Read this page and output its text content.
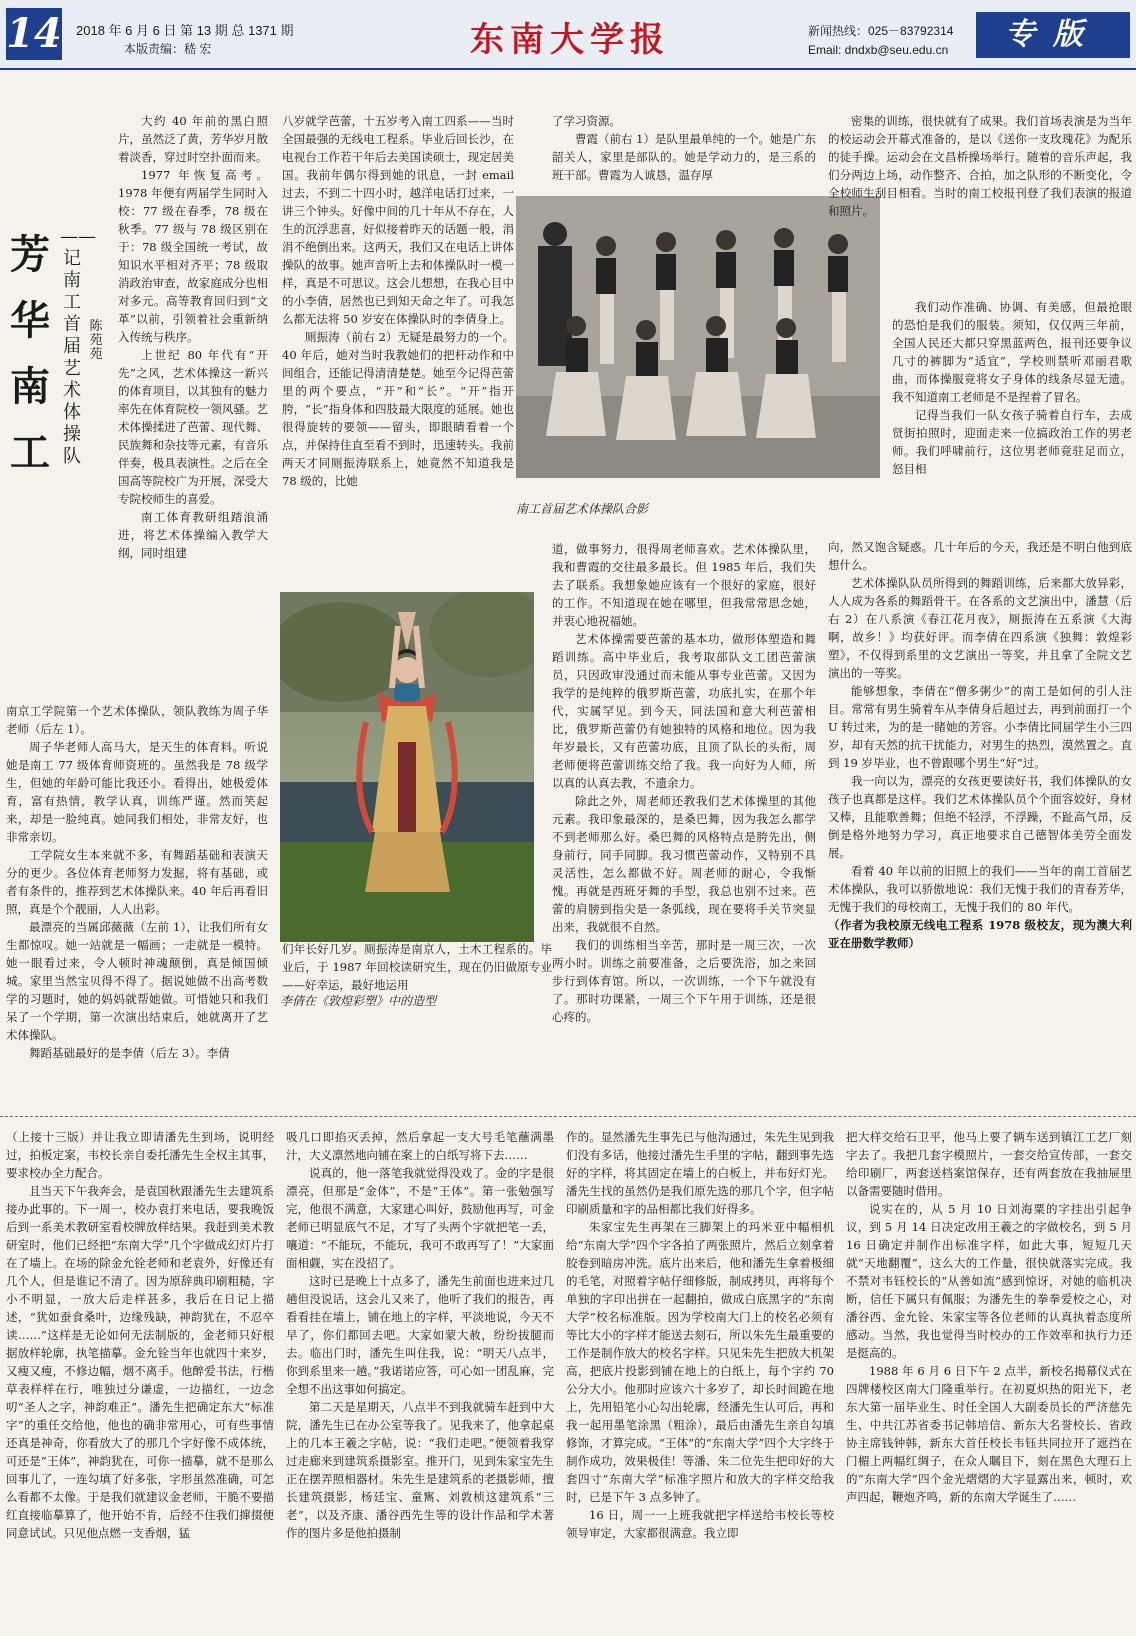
14 2018 年 6 月 6 日 第 13 期 总 1371 期
本版责编：嵇 宏	东南大学报	新闻热线：025－83792314
Email: dndxb@seu.edu.cn	专版
芳
华
南
工
——记南工首届艺术体操队
陈苑苑

大约 40 年前的黑白照片，虽然泛了黄，芳华岁月散着淡香，穿过时空扑面而来。

1977 年恢复高考。1978 年便有两届学生同时入校：77 级在春季，78 级在秋季。77 级与 78 级区别在于：78 级全国统一考试，故知识水平相对齐平；78 级取消政治审查，故家庭成分也相对多元。高等教育回归到“文革”以前，引领着社会重新纳入传统与秩序。

上世纪 80 年代有“开先”之风，艺术体操这一新兴的体育项目，以其独有的魅力率先在体育院校一领风骚。艺术体操揉进了芭蕾、现代舞、民族舞和杂技等元素，有音乐伴奏，极具表演性。之后在全国高等院校广为开展，深受大专院校师生的喜爱。

南工体育教研组踏浪涌进，将艺术体操编入教学大纲，同时组建

南京工学院第一个艺术体操队，领队教练为周子华老师（后左 1）。

周子华老师人高马大，是天生的体育料。听说她是南工 77 级体育师资班的。虽然我是 78 级学生，但她的年龄可能比我还小。看得出，她极爱体育，富有热情，教学认真，训练严谨。然而笑起来，却是一脸纯真。她同我们相处，非常友好，也非常亲切。

工学院女生本来就不多，有舞蹈基础和表演天分的更少。各位体育老师努力发掘，将有基础，或者有条件的，推荐到艺术体操队来。40 年后再看旧照，真是个个靓丽，人人出彩。

最漂亮的当属邱薇薇（左前 1），让我们所有女生都惊叹。她一站就是一幅画；一走就是一模特。她一眼看过来，令人顿时神魂颠倒，真是倾国倾城。家里当然宝贝得不得了。据说她做不出高考数学的习题时，她的妈妈就帮她做。可惜她只和我们呆了一个学期，第一次演出结束后，她就离开了艺术体操队。

舞蹈基础最好的是李倩（后左 3）。李倩

八岁就学芭蕾，十五岁考入南工四系——当时全国最强的无线电工程系。毕业后回长沙，在电视台工作若干年后去美国读硕士，现定居美国。我前年偶尔得到她的讯息，一封 email 过去，不到二十四小时，越洋电话打过来，一讲三个钟头。好像中间的几十年从不存在，人生的沉浮悲喜，好似接着昨天的话题一般，涓涓不绝倒出来。这两天，我们又在电话上讲体操队的故事。她声音听上去和体操队时一模一样，真是不可思议。这会儿想想，在我心目中的小李倩，居然也已到知天命之年了。可我怎么都无法将 50 岁安在体操队时的李倩身上。

厕振涛（前右 2）无疑是最努力的一个。40 年后，她对当时我教她们的把杆动作和中间组合，还能记得清清楚楚。她至今记得芭蕾里的两个要点，“开”和“长”。“开”指开胯，“长”指身体和四肢最大限度的延展。她也很得旋转的要领——留头，即眼睛看着一个点，并保持住直至看不到时，迅速转头。我前两天才同厕振涛联系上，她竟然不知道我是 78 级的，比她

李倩在《敦煌彩塑》中的造型

们年长好几岁。厕振涛是南京人，土木工程系的。毕业后，于 1987 年回校读研究生，现在仍旧做原专业——好幸运，最好地运用

了学习资源。

曹霞（前右 1）是队里最单纯的一个。她是广东韶关人，家里是部队的。她是学动力的，是三系的班干部。曹霞为人诚恳，温存厚

南工首届艺术体操队合影

道，做事努力，很得周老师喜欢。艺术体操队里，我和曹霞的交往最多最长。但 1985 年后，我们失去了联系。我想象她应该有一个很好的家庭，很好的工作。不知道现在她在哪里，但我常常思念她，并衷心地祝福她。

艺术体操需要芭蕾的基本功，做形体塑造和舞蹈训练。高中毕业后，我考取部队文工团芭蕾演员，只因政审没通过而未能从事专业芭蕾。又因为我学的是纯粹的俄罗斯芭蕾，功底扎实，在那个年代，实属罕见。到今天，同法国和意大利芭蕾相比，俄罗斯芭蕾仍有她独特的风格和地位。因为我年岁最长，又有芭蕾功底，且顶了队长的头衔，周老师便将芭蕾训练交给了我。我一向好为人师，所以真的认真去教，不遗余力。

除此之外，周老师还教我们艺术体操里的其他元素。我印象最深的，是桑巴舞，因为我怎么都学不到老师那么好。桑巴舞的风格特点是胯先出，侧身前行，同手同脚。我习惯芭蕾动作，又特别不具灵活性，怎么都做不好。周老师的耐心，令我惭愧。再就是西班牙舞的手型，我总也别不过来。芭蕾的肩膀到指尖是一条弧线，现在要将手关节突显出来，我就很不自然。

我们的训练相当辛苦，那时是一周三次，一次两小时。训练之前要准备，之后要洗浴，加之来回步行到体育馆。所以，一次训练，一个下午就没有了。那时功课紧，一周三个下午用于训练，还是很心疼的。

密集的训练，很快就有了成果。我们首场表演是为当年的校运动会开幕式准备的，是以《送你一支玫瑰花》为配乐的徒手操。运动会在文昌桥操场举行。随着的音乐声起，我们分两边上场，动作整齐、合拍，加之队形的不断变化，令全校师生刮目相看。当时的南工校报刊登了我们表演的报道和照片。

我们动作准确、协调、有美感，但最抢眼的恐怕是我们的服装。须知，仅仅两三年前，全国人民还大都只穿黑蓝两色，报刊还要争议几寸的裤脚为“适宜”，学校则禁听邓丽君歌曲，而体操服竟将女子身体的线条尽显无遗。我不知道南工老师是不是捏着了冒名。

记得当我们一队女孩子骑着自行车，去成贤街拍照时，迎面走来一位搞政治工作的男老师。我们呼啸前行，这位男老师竟驻足而立，怒目相

向，然又饱含疑惑。几十年后的今天，我还是不明白他到底想什么。

艺术体操队队员所得到的舞蹈训练，后来都大放异彩，人人成为各系的舞蹈骨干。在各系的文艺演出中，潘慧（后右 2）在八系演《春江花月夜》，厕振涛在五系演《大海啊，故乡！》均获好评。而李倩在四系演《独舞：敦煌彩塑》，不仅得到系里的文艺演出一等奖，并且拿了全院文艺演出的一等奖。

能够想象，李倩在“僧多粥少”的南工是如何的引人注目。常常有男生骑着车从李倩身后超过去，再到前面打一个 U 转过来，为的是一睹她的芳容。小李倩比同届学生小三四岁，却有天然的抗干扰能力，对男生的热烈，漠然置之。直到 19 岁毕业，也不曾跟哪个男生“好”过。

我一向以为，漂亮的女孩更要读好书，我们体操队的女孩子也真都是这样。我们艺术体操队员个个面容姣好，身材又棒，且能歌善舞；但绝不轻浮，不浮躁，不趾高气昂，反倒是格外地努力学习，真正地要求自己德智体美劳全面发展。

看着 40 年以前的旧照上的我们——当年的南工首届艺术体操队，我可以骄傲地说：我们无愧于我们的青春芳华，无愧于我们的母校南工，无愧于我们的 80 年代。

（作者为我校原无线电工程系 1978 级校友，现为澳大利亚在册数学教师）

（上接十三版）并让我立即请潘先生到场，说明经过，拍板定案，韦校长亲自委托潘先生全权主其事，要求校办全力配合。

且当天下午我奔会，是袁国秋跟潘先生去建筑系接办此事的。下一周一，校办袁打来电话，要我晚饭后到一系美术教研室看校牌放样结果。我赶到美术教研室时，他们已经把“东南大学”几个字做成幻灯片打在了墙上。在场的除金允铨老师和老袁外，好像还有几个人，但是谁记不清了。因为原辞典印刷粗糙，字小不明显，一放大后走样甚多，我后在日记上描述，“犹如蚕食桑叶，边缘残缺，神韵犹在，不忍卒读……”这样是无论如何无法制版的，金老师只好根据放样轮廓，执笔描摹。金允铨当年也就四十来岁，又瘦又瘦，不修边幅，烟不离手。他醉爱书法，行楷草表样样在行，唯独过分谦虚，一边描红，一边念叨“圣人之字，神韵难正”。潘先生把确定东大“标准字”的重任交给他，他也的确非常用心，可有些事情还真是神奇，你看放大了的那几个字好像不成体统，可还是“王体”，神韵犹在，可你一描摹，就不是那么回事儿了，一连勾填了好多张，字形虽然准确，可怎么看都不太像。于是我们就建议金老师，干脆不要描红直接临摹算了，他开始不肯，后经不住我们撺掇便同意试试。只见他点燃一支香烟，猛

吸几口即掐灭丢掉，然后拿起一支大号毛笔蘸满墨汁，大义凛然地向铺在案上的白纸写将下去……

说真的，他一落笔我就觉得没戏了。金的字是很漂亮，但那是“金体”，不是“王体”。第一张勉强写完，他很不满意，大家建心叫好，鼓励他再写，可金老师已明显底气不足，才写了头两个字就把笔一丢，嚷道：“不能玩，不能玩，我可不敢再写了！”大家面面相觑，实在没招了。

这时已是晚上十点多了，潘先生前面也进来过几趟但没说话，这会儿又来了，他听了我们的报告，再看看挂在墙上，铺在地上的字样，平淡地说，今天不早了，你们都回去吧。大家如蒙大赦，纷纷拔腿而去。临出门时，潘先生叫住我，说：“明天八点半，你到系里来一趟。”我诺诺应答，可心如一团乱麻，完全想不出这事如何搞定。

第二天是星期天，八点半不到我就骑车赶到中大院，潘先生已在办公室等我了。见我来了，他拿起桌上的几本王羲之字帖，说：“我们走吧。”便领着我穿过走廊来到建筑系摄影室。推开门，见到朱家宝先生正在摆弄照相器材。朱先生是建筑系的老摄影师，擅长建筑摄影，杨廷宝、童寯、刘敦桢这建筑系“三老”，以及齐康、潘谷西先生等的设计作品和学术著作的图片多是他拍摄制

作的。显然潘先生事先已与他沟通过，朱先生见到我们没有多话，他接过潘先生手里的字帖，翻到事先选好的字样，将其固定在墙上的白板上，并布好灯光。潘先生找的虽然仍是我们原先选的那几个字，但字帖印刷质量和字的品相都比我们好得多。

朱家宝先生再架在三脚架上的玛米亚中幅相机给“东南大学”四个字各拍了两张照片，然后立刻拿着胶卷到暗房冲洗。底片出来后，他和潘先生拿着极细的毛笔，对照着字帖仔细修版，制成拷贝，再将每个单独的字印出拼在一起翻拍，做成白底黑字的“东南大学”校名标准版。因为学校南大门上的校名必须有等比大小的字样才能送去刻石，所以朱先生最重要的工作是制作放大的校名字样。只见朱先生把放大机架高，把底片投影到铺在地上的白纸上，每个字约 70 公分大小。他那时应该六十多岁了，却长时间跪在地上，先用铅笔小心勾出轮廓，经潘先生认可后，再和我一起用墨笔涂黑（粗涂），最后由潘先生亲自勾填修饰，才算完成。“王体”的“东南大学”四个大字终于制作成功，效果极佳！等潘、朱二位先生把印好的大套四寸“东南大学”标准字照片和放大的字样交给我时，已是下午 3 点多钟了。

16 日，周一一上班我就把字样送给韦校长等校领导审定，大家都很满意。我立即

把大样交给石卫平，他马上要了辆车送到镇江工艺厂刻字去了。我把几套字模照片，一套交给宣传部，一套交给印刷厂，两套送档案馆保存，还有两套放在我抽屉里以备需要随时借用。

说实在的，从 5 月 10 日刘海粟的字挂出引起争议，到 5 月 14 日决定改用王羲之的字做校名，到 5 月 16 日确定并制作出标准字样，如此大事，短短几天就“天地翻覆”，这么大的工作量，很快就落实完成。我不禁对韦钰校长的“从善如流”感到惊讶，对她的临机决断，信任下属只有佩服；为潘先生的拳拳爱校之心，对潘谷西、金允铨、朱家宝等各位老师的认真执着态度所感动。当然，我也觉得当时校办的工作效率和执行力还是挺高的。

1988 年 6 月 6 日下午 2 点半，新校名揭幕仪式在四牌楼校区南大门隆重举行。在初夏炽热的阳光下，老东大第一届毕业生、时任全国人大副委员长的严济慈先生、中共江苏省委书记韩培信、新东大名誉校长、省政协主席钱钟韩，新东大首任校长韦钰共同拉开了遮挡在门楣上两幅红绸子，在众人瞩目下，刻在黑色大理石上的“东南大学”四个金光熠熠的大字显露出来，顿时，欢声四起，鞭炮齐鸣，新的东南大学诞生了……
